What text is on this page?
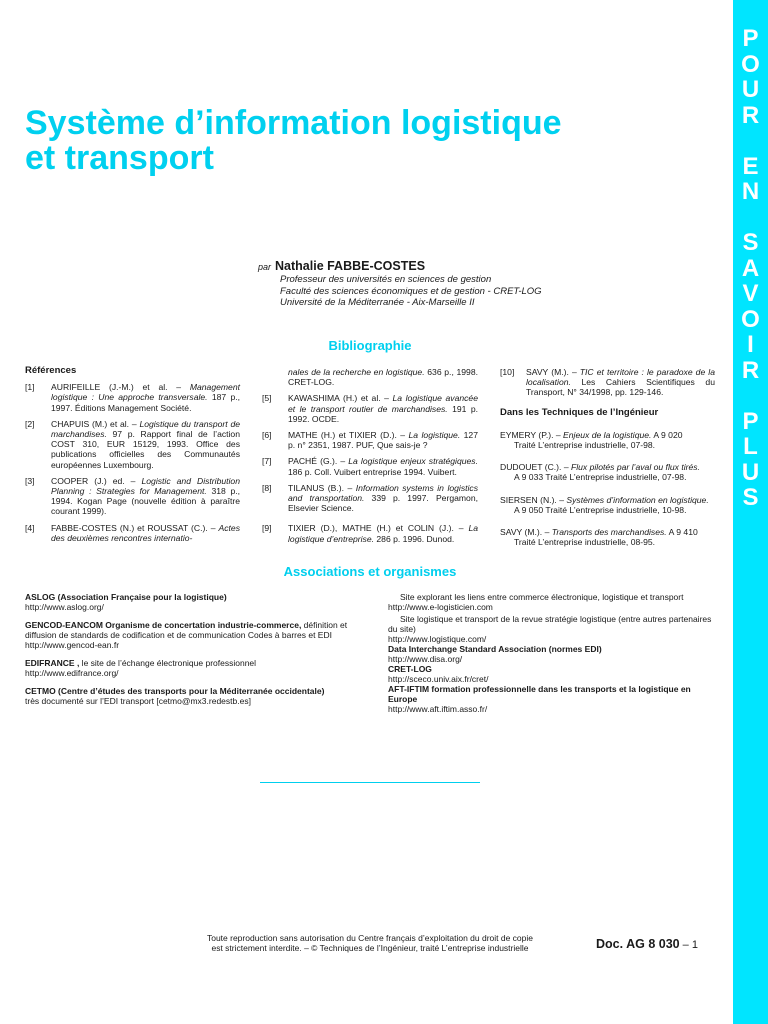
P
O
U
R
E
N
S
A
V
O
I
R
P
L
U
S
Système d’information logistique
et transport
par Nathalie FABBE-COSTES
Professeur des universités en sciences de gestion
Faculté des sciences économiques et de gestion - CRET-LOG
Université de la Méditerranée - Aix-Marseille II
Bibliographie
Références
[1]	AURIFEILLE (J.-M.) et al. – Management logistique : Une approche transversale. 187 p., 1997. Éditions Management Société.
[2]	CHAPUIS (M.) et al. – Logistique du transport de marchandises. 97 p. Rapport final de l’action COST 310, EUR 15129, 1993. Office des publications officielles des Communautés européennes Luxembourg.
[3]	COOPER (J.) ed. – Logistic and Distribution Planning : Strategies for Management. 318 p., 1994. Kogan Page (nouvelle édition à paraître courant 1999).
[4]	FABBE-COSTES (N.) et ROUSSAT (C.). – Actes des deuxièmes rencontres internatio-
nales de la recherche en logistique. 636 p., 1998. CRET-LOG.
[5]	KAWASHIMA (H.) et al. – La logistique avancée et le transport routier de marchandises. 191 p. 1992. OCDE.
[6]	MATHE (H.) et TIXIER (D.). – La logistique. 127 p. n° 2351, 1987. PUF, Que sais-je ?
[7]	PACHÉ (G.). – La logistique enjeux stratégiques. 186 p. Coll. Vuibert entreprise 1994. Vuibert.
[8]	TILANUS (B.). – Information systems in logistics and transportation. 339 p. 1997. Pergamon, Elsevier Science.
[9]	TIXIER (D.), MATHE (H.) et COLIN (J.). – La logistique d’entreprise. 286 p. 1996. Dunod.
[10]	SAVY (M.). – TIC et territoire : le paradoxe de la localisation. Les Cahiers Scientifiques du Transport, N° 34/1998, pp. 129-146.
Dans les Techniques de l’Ingénieur
EYMERY (P.). – Enjeux de la logistique. A 9 020
Traité L’entreprise industrielle, 07-98.
DUDOUET (C.). – Flux pilotés par l’aval ou flux tirés.
A 9 033 Traité L’entreprise industrielle, 07-98.
SIERSEN (N.). – Systèmes d’information en logistique.
A 9 050 Traité L’entreprise industrielle, 10-98.
SAVY (M.). – Transports des marchandises. A 9 410
Traité L’entreprise industrielle, 08-95.
Associations et organismes
ASLOG (Association Française pour la logistique)
http://www.aslog.org/
GENCOD-EANCOM Organisme de concertation industrie-commerce, définition et diffusion de standards de codification et de communication Codes à barres et EDI
http://www.gencod-ean.fr
EDIFRANCE , le site de l’échange électronique professionnel
http://www.edifrance.org/
CETMO (Centre d’études des transports pour la Méditerranée occidentale)
très documenté sur l’EDI transport [cetmo@mx3.redestb.es]
Site explorant les liens entre commerce électronique, logistique et transport
http://www.e-logisticien.com
Site logistique et transport de la revue stratégie logistique (entre autres partenaires du site)
http://www.logistique.com/
Data Interchange Standard Association (normes EDI)
http://www.disa.org/
CRET-LOG
http://sceco.univ.aix.fr/cret/
AFT-IFTIM formation professionnelle dans les transports et la logistique en Europe
http://www.aft.iftim.asso.fr/
Toute reproduction sans autorisation du Centre français d’exploitation du droit de copie
est strictement interdite. – © Techniques de l’Ingénieur, traité L’entreprise industrielle	Doc. AG 8 030 – 1
